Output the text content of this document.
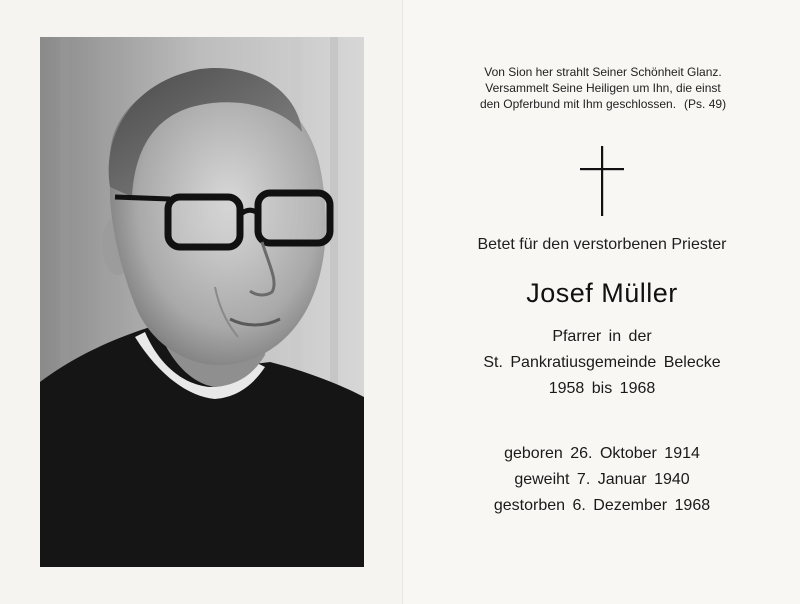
Von Sion her strahlt Seiner Schönheit Glanz.
Versammelt Seine Heiligen um Ihn, die einst
den Opferbund mit Ihm geschlossen. (Ps. 49)
Betet für den verstorbenen Priester
Josef Müller
Pfarrer in der
St. Pankratiusgemeinde Belecke
1958 bis 1968
geboren 26. Oktober 1914
geweiht 7. Januar 1940
gestorben 6. Dezember 1968
